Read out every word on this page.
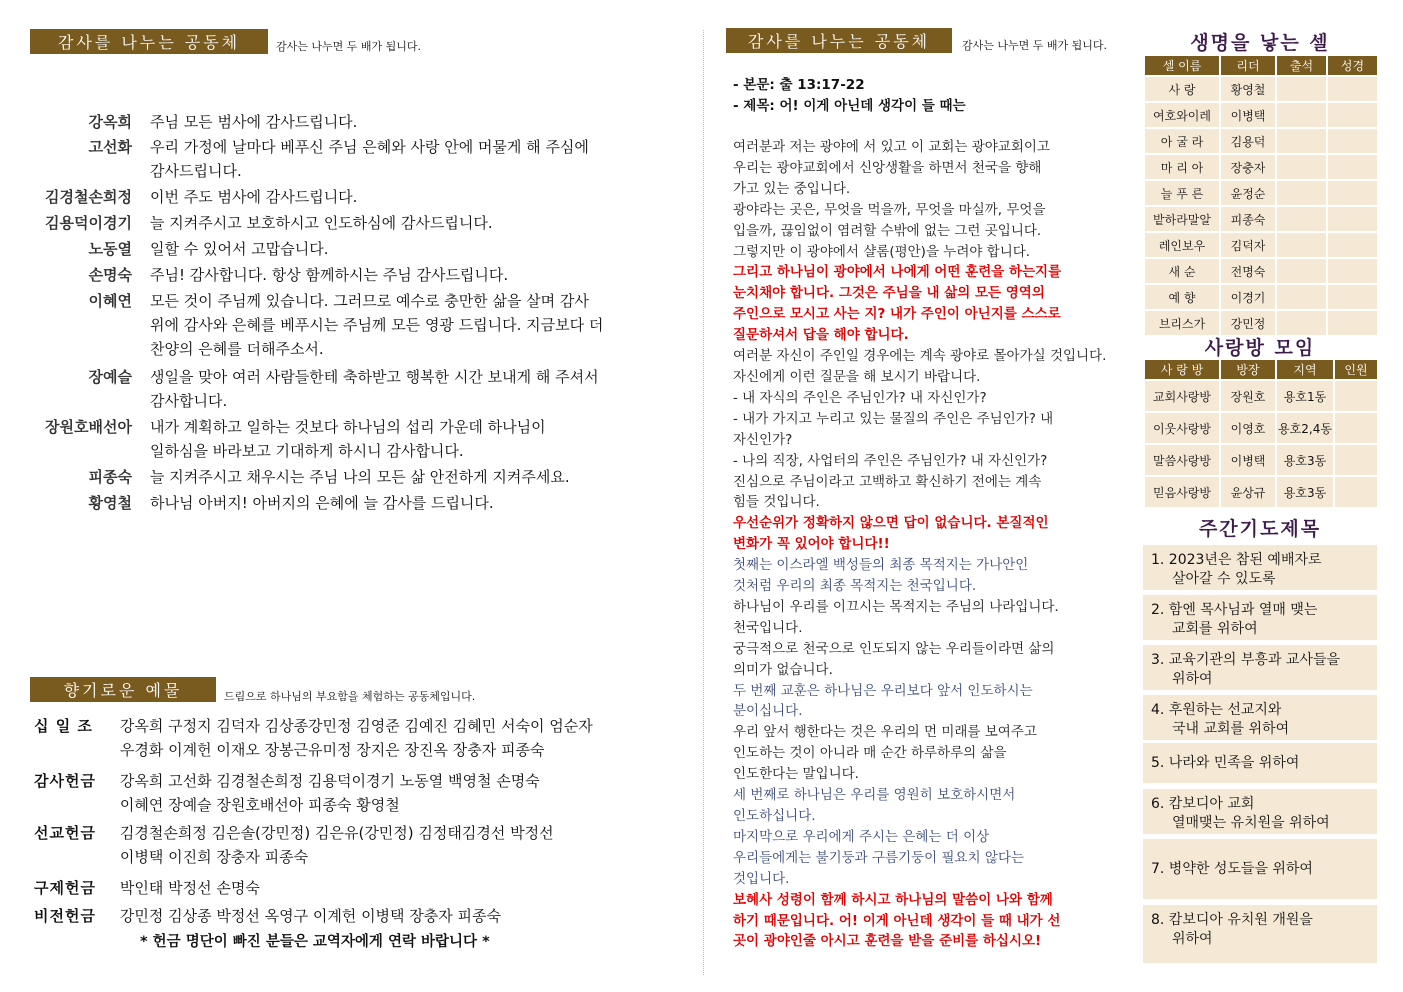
감사를 나누는 공동체	감사는 나누면 두 배가 됩니다.
강옥희 주님 모든 범사에 감사드립니다.
고선화 우리 가정에 날마다 베푸신 주님 은혜와 사랑 안에 머물게 해 주심에
감사드립니다.
김경철손희정 이번 주도 범사에 감사드립니다.
김용덕이경기 늘 지켜주시고 보호하시고 인도하심에 감사드립니다.
노동열 일할 수 있어서 고맙습니다.
손명숙 주님! 감사합니다. 항상 함께하시는 주님 감사드립니다.
이혜연 모든 것이 주님께 있습니다. 그러므로 예수로 충만한 삶을 살며 감사
위에 감사와 은혜를 베푸시는 주님께 모든 영광 드립니다. 지금보다 더
찬양의 은혜를 더해주소서.
장예슬 생일을 맞아 여러 사람들한테 축하받고 행복한 시간 보내게 해 주셔서
감사합니다.
장원호배선아 내가 계획하고 일하는 것보다 하나님의 섭리 가운데 하나님이
일하심을 바라보고 기대하게 하시니 감사합니다.
피종숙 늘 지켜주시고 채우시는 주님 나의 모든 삶 안전하게 지켜주세요.
황영철 하나님 아버지! 아버지의 은혜에 늘 감사를 드립니다.
향기로운 예물	드림으로 하나님의 부요함을 체험하는 공동체입니다.
십 일 조	강옥희 구정지 김덕자 김상종강민정 김영준 김예진 김혜민 서숙이 엄순자
우경화 이계헌 이재오 장봉근유미정 장지은 장진옥 장충자 피종숙
감사헌금	강옥희 고선화 김경철손희정 김용덕이경기 노동열 백영철 손명숙
이혜연 장예슬 장원호배선아 피종숙 황영철
선교헌금	김경철손희정 김은솔(강민정) 김은유(강민정) 김정태김경선 박정선
이병택 이진희 장충자 피종숙
구제헌금	박인태 박정선 손명숙
비전헌금	강민정 김상종 박정선 옥영구 이계헌 이병택 장충자 피종숙
* 헌금 명단이 빠진 분들은 교역자에게 연락 바랍니다 *
감사를 나누는 공동체	감사는 나누면 두 배가 됩니다.
- 본문: 출 13:17-22
- 제목: 어! 이게 아닌데 생각이 들 때는
여러분과 저는 광야에 서 있고 이 교회는 광야교회이고
우리는 광야교회에서 신앙생활을 하면서 천국을 향해
가고 있는 중입니다.
광야라는 곳은, 무엇을 먹을까, 무엇을 마실까, 무엇을
입을까, 끊임없이 염려할 수밖에 없는 그런 곳입니다.
그렇지만 이 광야에서 샬롬(평안)을 누려야 합니다.
그리고 하나님이 광야에서 나에게 어떤 훈련을 하는지를
눈치채야 합니다. 그것은 주님을 내 삶의 모든 영역의
주인으로 모시고 사는 지? 내가 주인이 아닌지를 스스로
질문하셔서 답을 해야 합니다.
여러분 자신이 주인일 경우에는 계속 광야로 몰아가실 것입니다.
자신에게 이런 질문을 해 보시기 바랍니다.
- 내 자식의 주인은 주님인가? 내 자신인가?
- 내가 가지고 누리고 있는 물질의 주인은 주님인가? 내
자신인가?
- 나의 직장, 사업터의 주인은 주님인가? 내 자신인가?
진심으로 주님이라고 고백하고 확신하기 전에는 계속
힘들 것입니다.
우선순위가 정확하지 않으면 답이 없습니다. 본질적인
변화가 꼭 있어야 합니다!!
첫째는 이스라엘 백성들의 최종 목적지는 가나안인
것처럼 우리의 최종 목적지는 천국입니다.
하나님이 우리를 이끄시는 목적지는 주님의 나라입니다.
천국입니다.
궁극적으로 천국으로 인도되지 않는 우리들이라면 삶의
의미가 없습니다.
두 번째 교훈은 하나님은 우리보다 앞서 인도하시는
분이십니다.
우리 앞서 행한다는 것은 우리의 먼 미래를 보여주고
인도하는 것이 아니라 매 순간 하루하루의 삶을
인도한다는 말입니다.
세 번째로 하나님은 우리를 영원히 보호하시면서
인도하십니다.
마지막으로 우리에게 주시는 은혜는 더 이상
우리들에게는 불기둥과 구름기둥이 필요치 않다는
것입니다.
보혜사 성령이 함께 하시고 하나님의 말씀이 나와 함께
하기 때문입니다. 어! 이게 아닌데 생각이 들 때 내가 선
곳이 광야인줄 아시고 훈련을 받을 준비를 하십시오!
생명을 낳는 셀
셀 이름	리더	출석	성경
사 랑	황영철		
여호와이레	이병택		
아 굴 라	김용덕		
마 리 아	장충자		
늘 푸 른	윤정순		
밭하라말알	피종숙		
레인보우	김덕자		
새 순	전명숙		
예 향	이경기		
브리스가	강민정		
사랑방 모임
사 랑 방	방장	지역	인원
교회사랑방	장원호	용호1동	
이웃사랑방	이영호	용호2,4동	
말씀사랑방	이병택	용호3동	
믿음사랑방	윤상규	용호3동	
주간기도제목
1. 2023년은 참된 예배자로
살아갈 수 있도록
2. 함엔 목사님과 열매 맺는
교회를 위하여
3. 교육기관의 부흥과 교사들을
위하여
4. 후원하는 선교지와
국내 교회를 위하여
5. 나라와 민족을 위하여
6. 캄보디아 교회
열매맺는 유치원을 위하여
7. 병약한 성도들을 위하여
8. 캄보디아 유치원 개원을
위하여
